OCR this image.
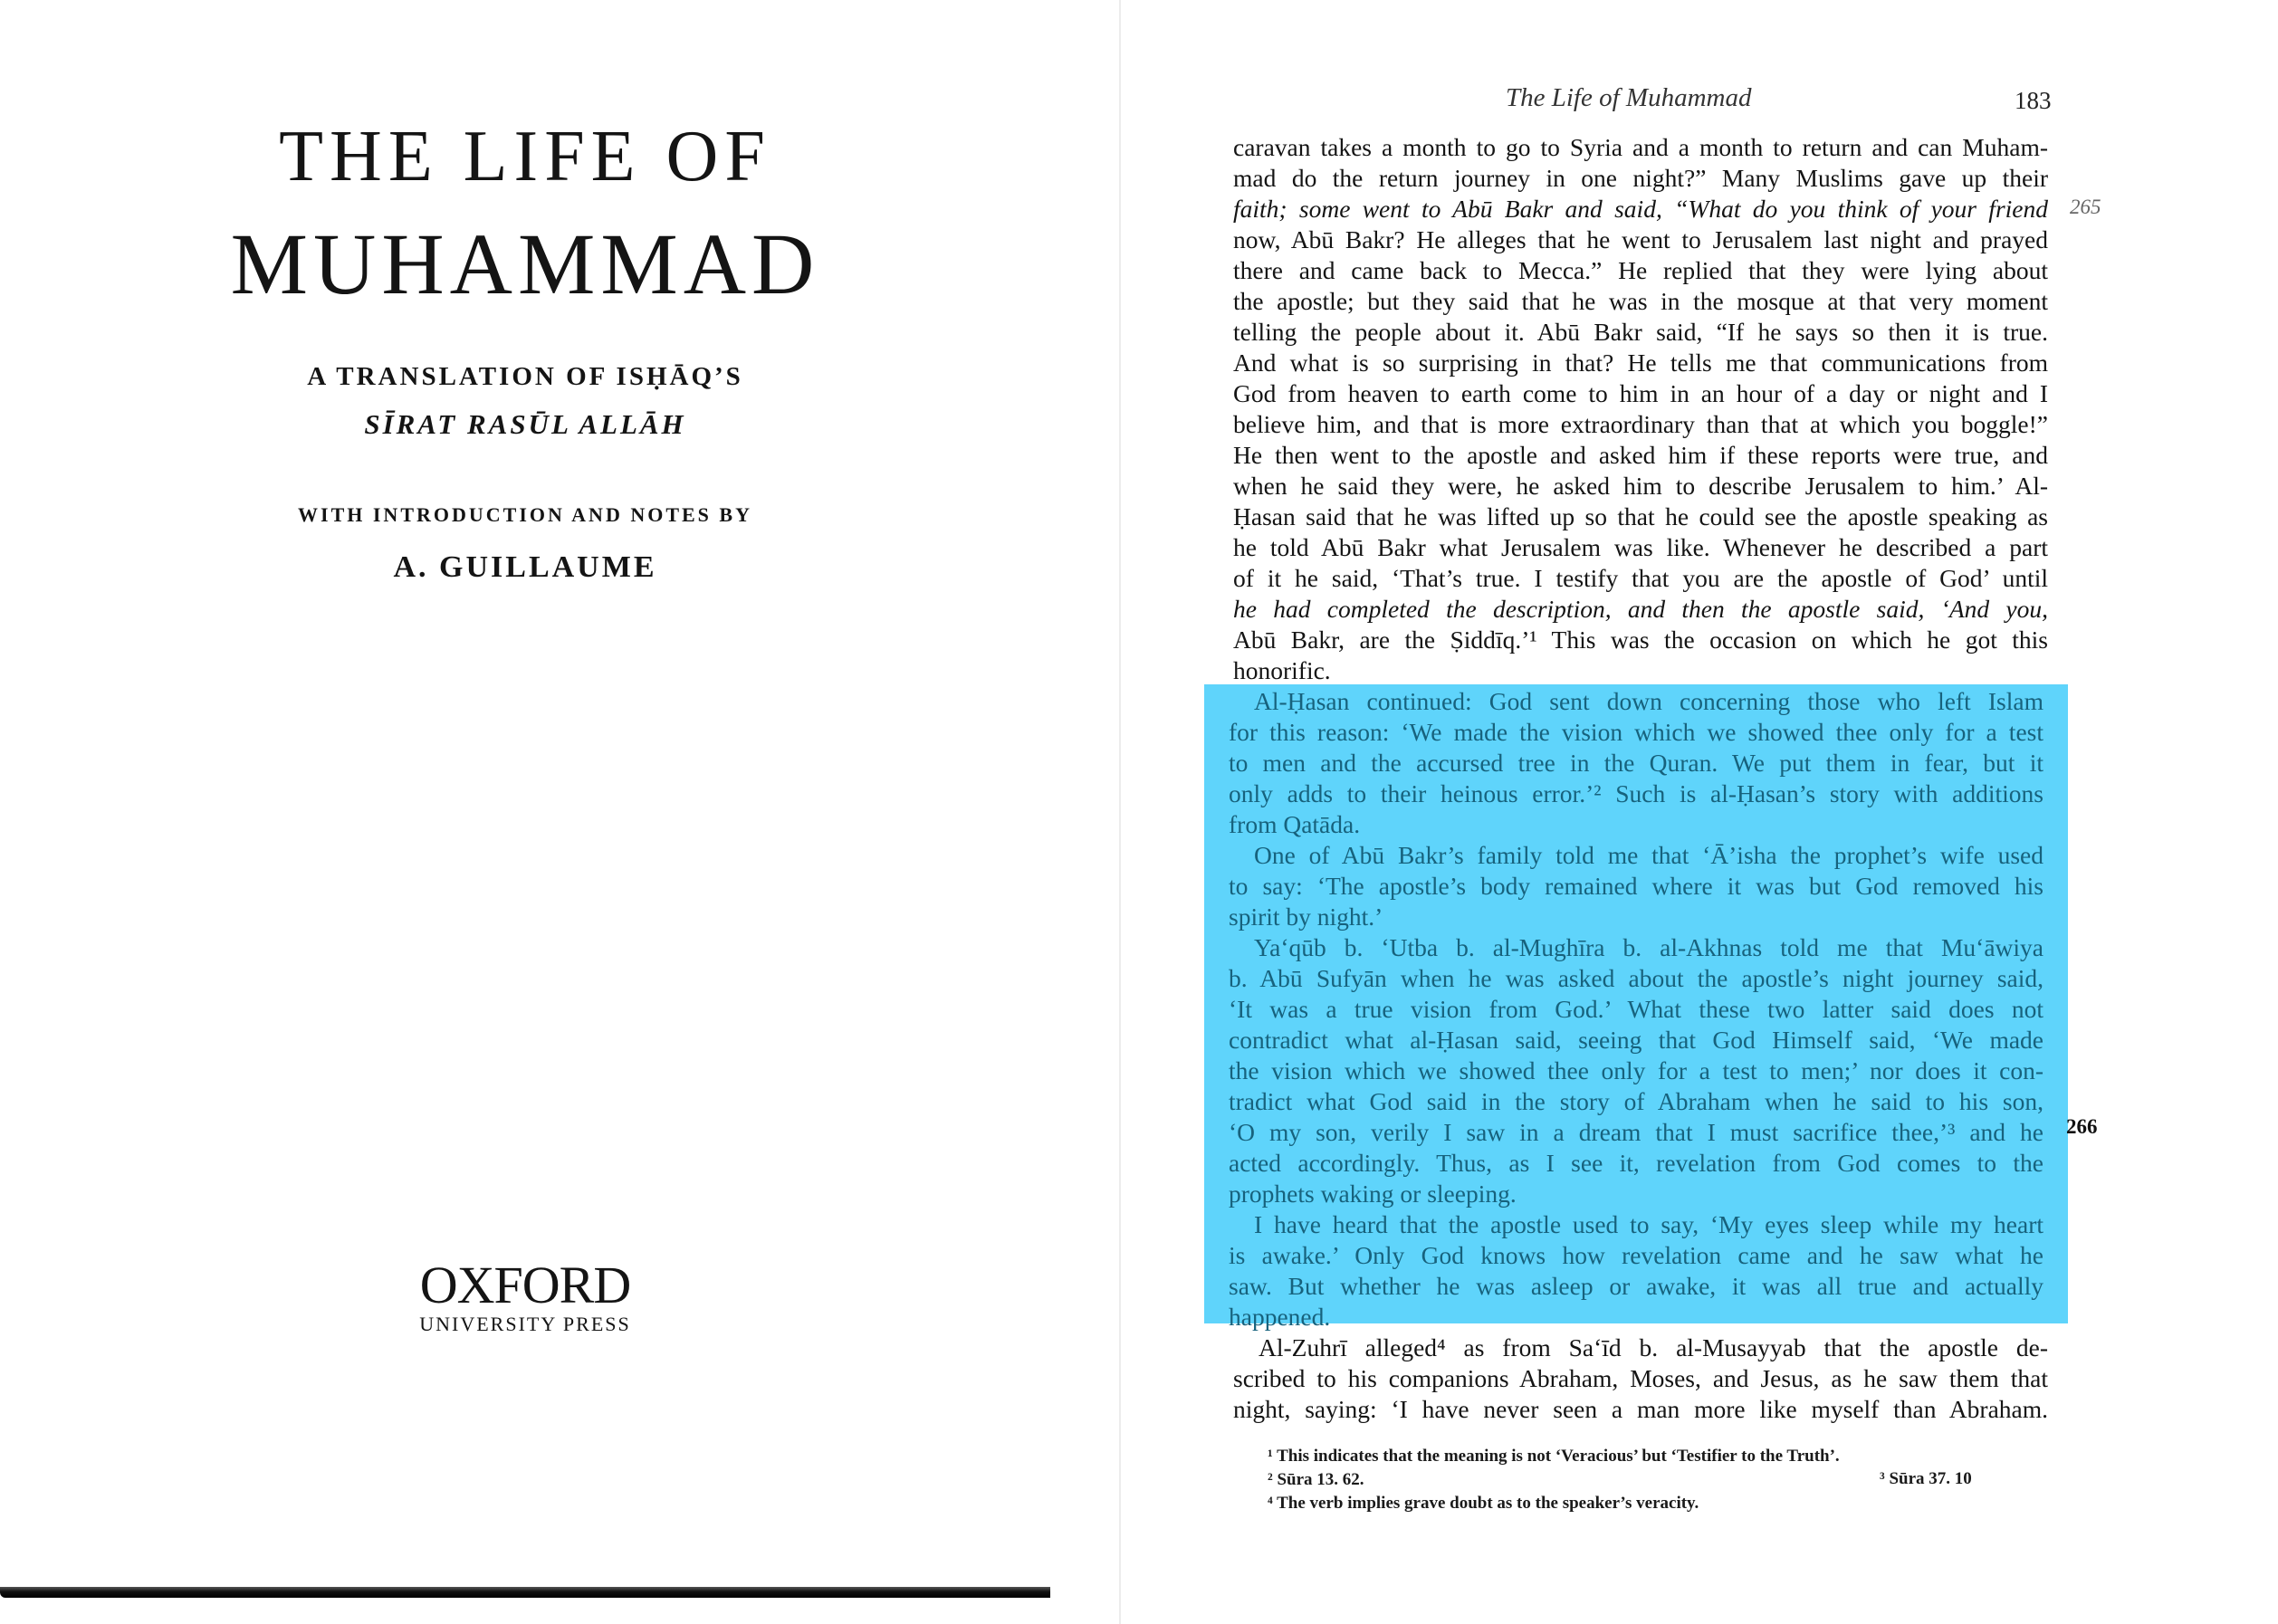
THE LIFE OF
MUHAMMAD
A TRANSLATION OF ISḤĀQ’S
SĪRAT RASŪL ALLĀH
WITH INTRODUCTION AND NOTES BY
A. GUILLAUME
OXFORD
UNIVERSITY PRESS
The Life of Muhammad	183
caravan takes a month to go to Syria and a month to return and can Muham-
mad do the return journey in one night?” Many Muslims gave up their
faith; some went to Abū Bakr and said, “What do you think of your friend
now, Abū Bakr? He alleges that he went to Jerusalem last night and prayed
there and came back to Mecca.” He replied that they were lying about
the apostle; but they said that he was in the mosque at that very moment
telling the people about it. Abū Bakr said, “If he says so then it is true.
And what is so surprising in that? He tells me that communications from
God from heaven to earth come to him in an hour of a day or night and I
believe him, and that is more extraordinary than that at which you boggle!”
He then went to the apostle and asked him if these reports were true, and
when he said they were, he asked him to describe Jerusalem to him.’ Al-
Ḥasan said that he was lifted up so that he could see the apostle speaking as
he told Abū Bakr what Jerusalem was like. Whenever he described a part
of it he said, ‘That’s true. I testify that you are the apostle of God’ until
he had completed the description, and then the apostle said, ‘And you,
Abū Bakr, are the Ṣiddīq.’¹ This was the occasion on which he got this
honorific.
Al-Ḥasan continued: God sent down concerning those who left Islam
for this reason: ‘We made the vision which we showed thee only for a test
to men and the accursed tree in the Quran. We put them in fear, but it
only adds to their heinous error.’² Such is al-Ḥasan’s story with additions
from Qatāda.
One of Abū Bakr’s family told me that ‘Ā’isha the prophet’s wife used
to say: ‘The apostle’s body remained where it was but God removed his
spirit by night.’
Ya‘qūb b. ‘Utba b. al-Mughīra b. al-Akhnas told me that Mu‘āwiya
b. Abū Sufyān when he was asked about the apostle’s night journey said,
‘It was a true vision from God.’ What these two latter said does not
contradict what al-Ḥasan said, seeing that God Himself said, ‘We made
the vision which we showed thee only for a test to men;’ nor does it con-
tradict what God said in the story of Abraham when he said to his son,
‘O my son, verily I saw in a dream that I must sacrifice thee,’³ and he
acted accordingly. Thus, as I see it, revelation from God comes to the
prophets waking or sleeping.
I have heard that the apostle used to say, ‘My eyes sleep while my heart
is awake.’ Only God knows how revelation came and he saw what he
saw. But whether he was asleep or awake, it was all true and actually
happened.
Al-Zuhrī alleged⁴ as from Sa‘īd b. al-Musayyab that the apostle de-
scribed to his companions Abraham, Moses, and Jesus, as he saw them that
night, saying: ‘I have never seen a man more like myself than Abraham.
265
266
¹ This indicates that the meaning is not ‘Veracious’ but ‘Testifier to the Truth’.
² Sūra 13. 62.	³ Sūra 37. 10
⁴ The verb implies grave doubt as to the speaker’s veracity.
